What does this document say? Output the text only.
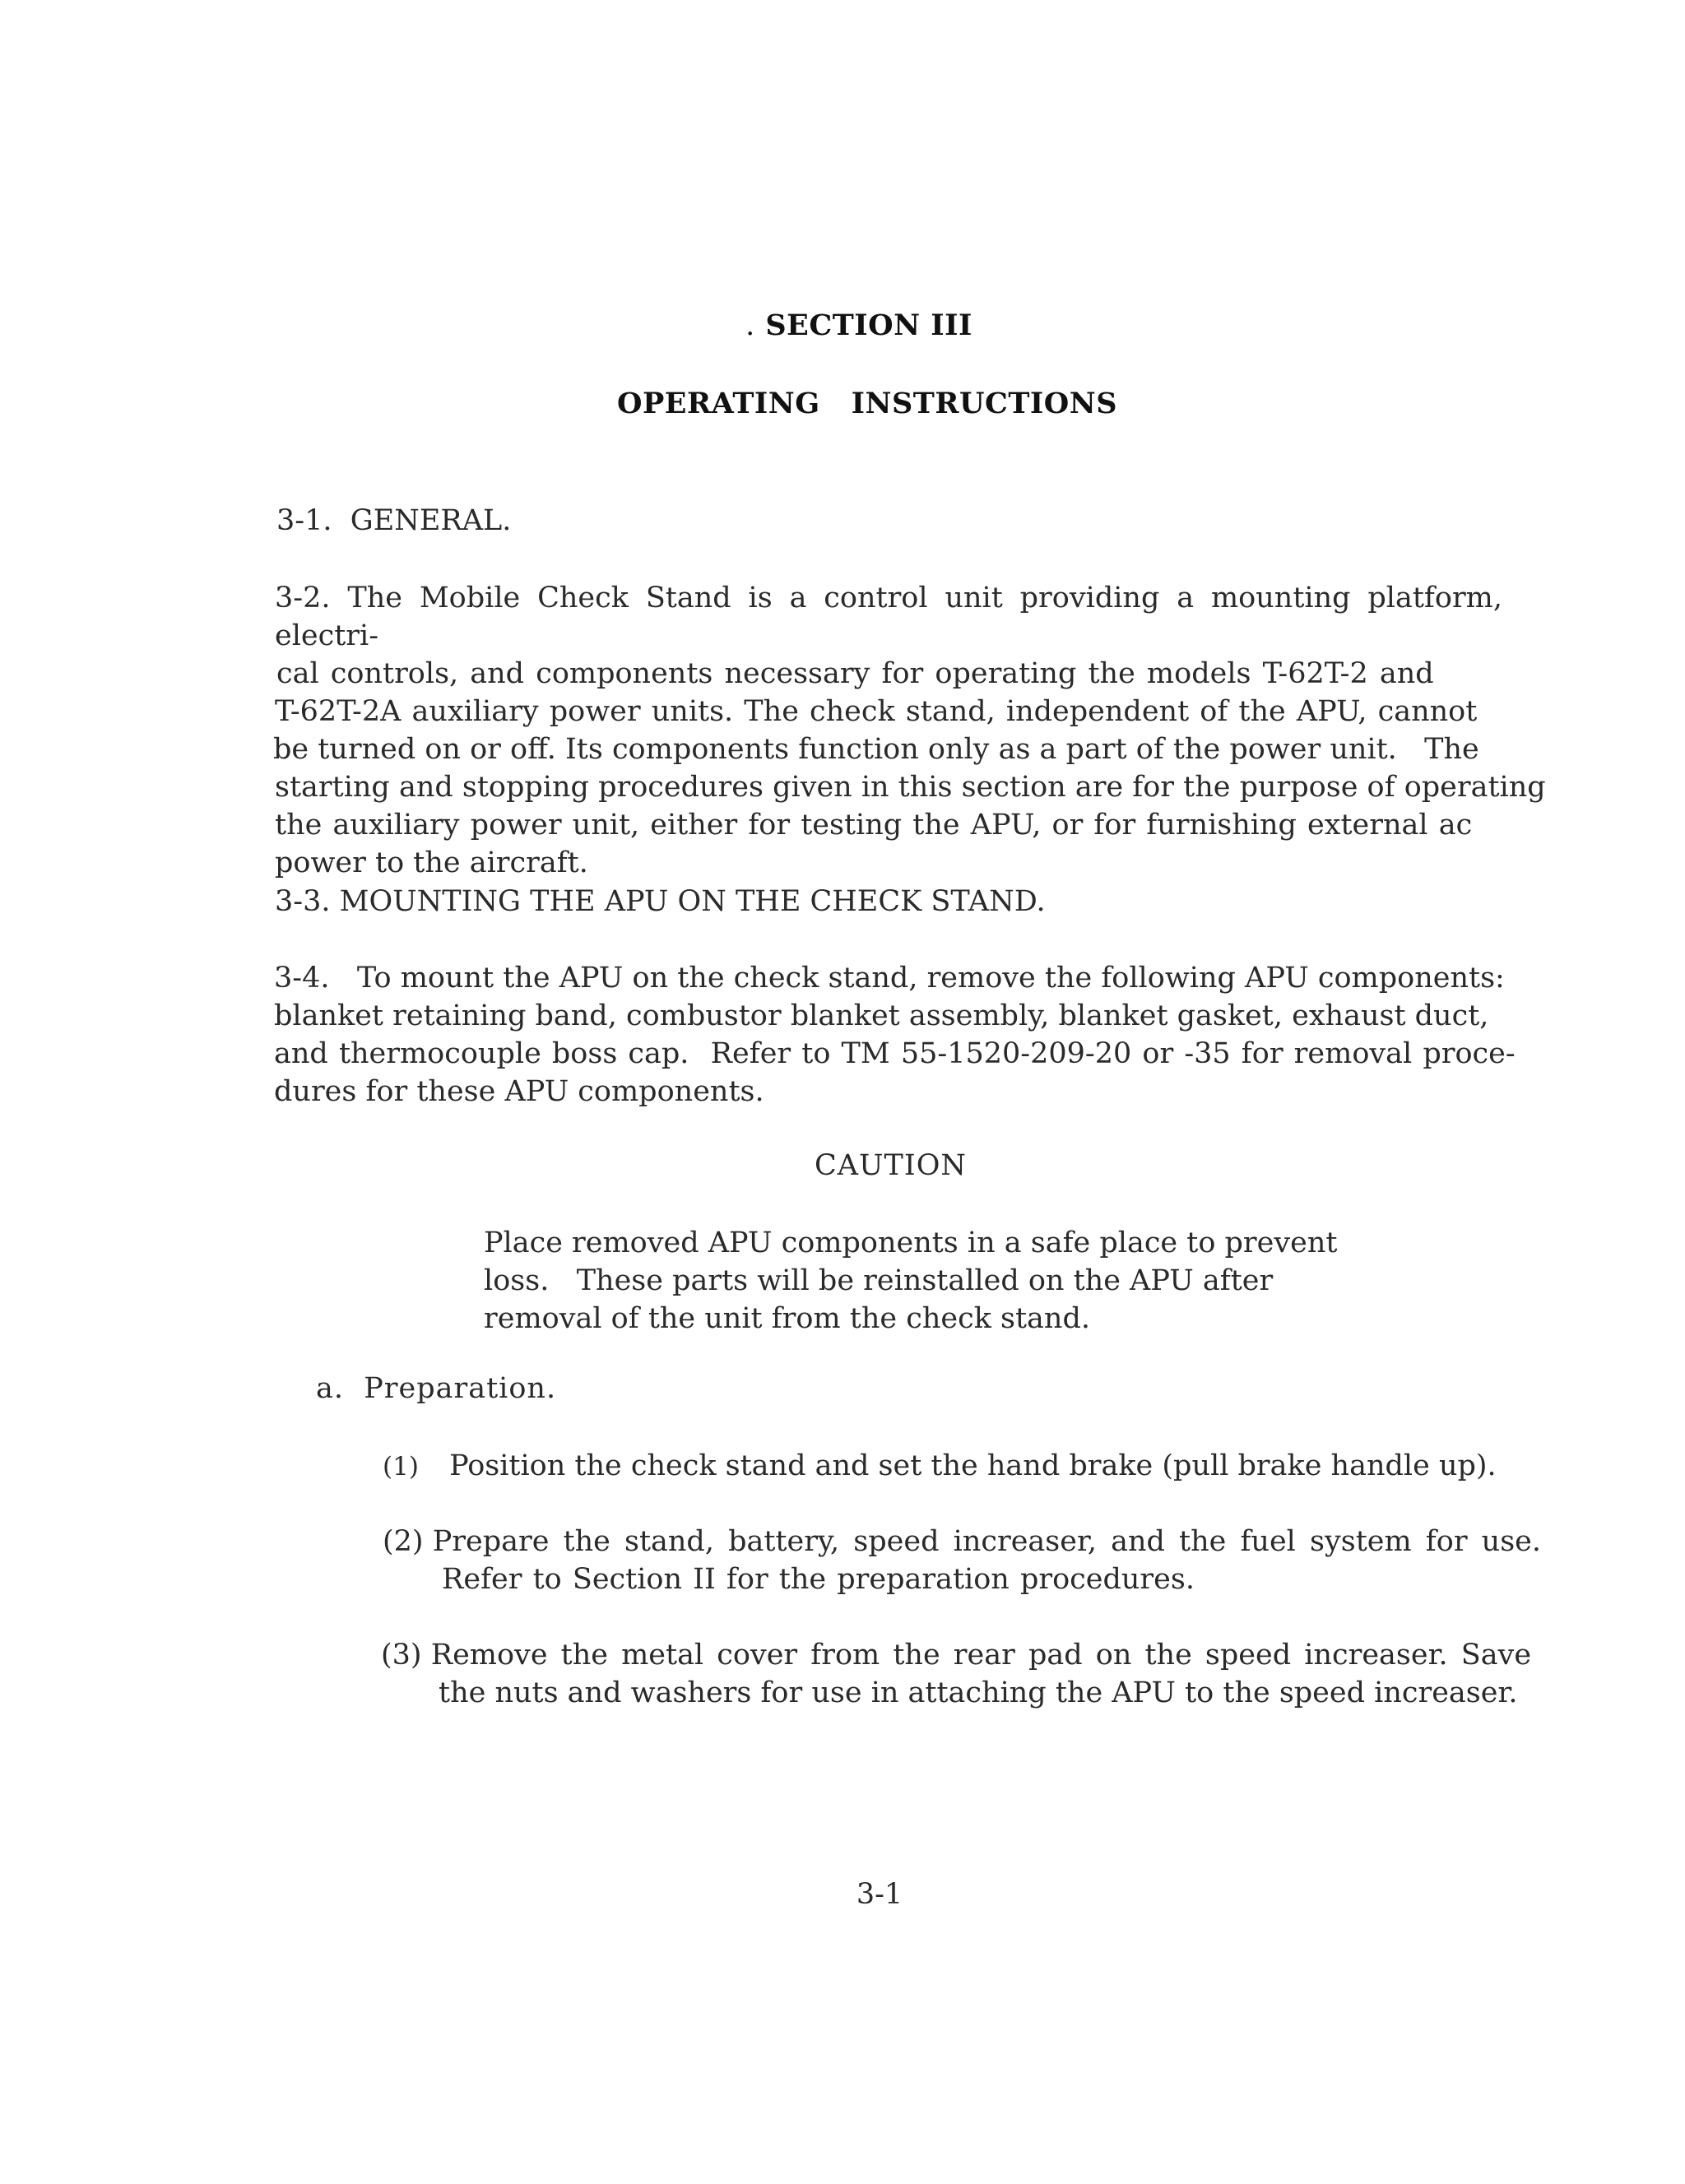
. SECTION III
OPERATING   INSTRUCTIONS
3-1.  GENERAL.
3-2. The Mobile Check Stand is a control unit providing a mounting platform, electri-
cal controls, and components necessary for operating the models T-62T-2 and
T-62T-2A auxiliary power units. The check stand, independent of the APU, cannot
be turned on or off. Its components function only as a part of the power unit.   The
starting and stopping procedures given in this section are for the purpose of operating
the auxiliary power unit, either for testing the APU, or for furnishing external ac
power to the aircraft.
3-3. MOUNTING THE APU ON THE CHECK STAND.
3-4.   To mount the APU on the check stand, remove the following APU components:
blanket retaining band, combustor blanket assembly, blanket gasket, exhaust duct,
and thermocouple boss cap.  Refer to TM 55-1520-209-20 or -35 for removal proce-
dures for these APU components.
CAUTION
Place removed APU components in a safe place to prevent
loss.   These parts will be reinstalled on the APU after
removal of the unit from the check stand.
a.  Preparation.
(1) Position the check stand and set the hand brake (pull brake handle up).
(2) Prepare the stand, battery, speed increaser, and the fuel system for use.
Refer to Section II for the preparation procedures.
(3) Remove the metal cover from the rear pad on the speed increaser. Save
the nuts and washers for use in attaching the APU to the speed increaser.
3-1
